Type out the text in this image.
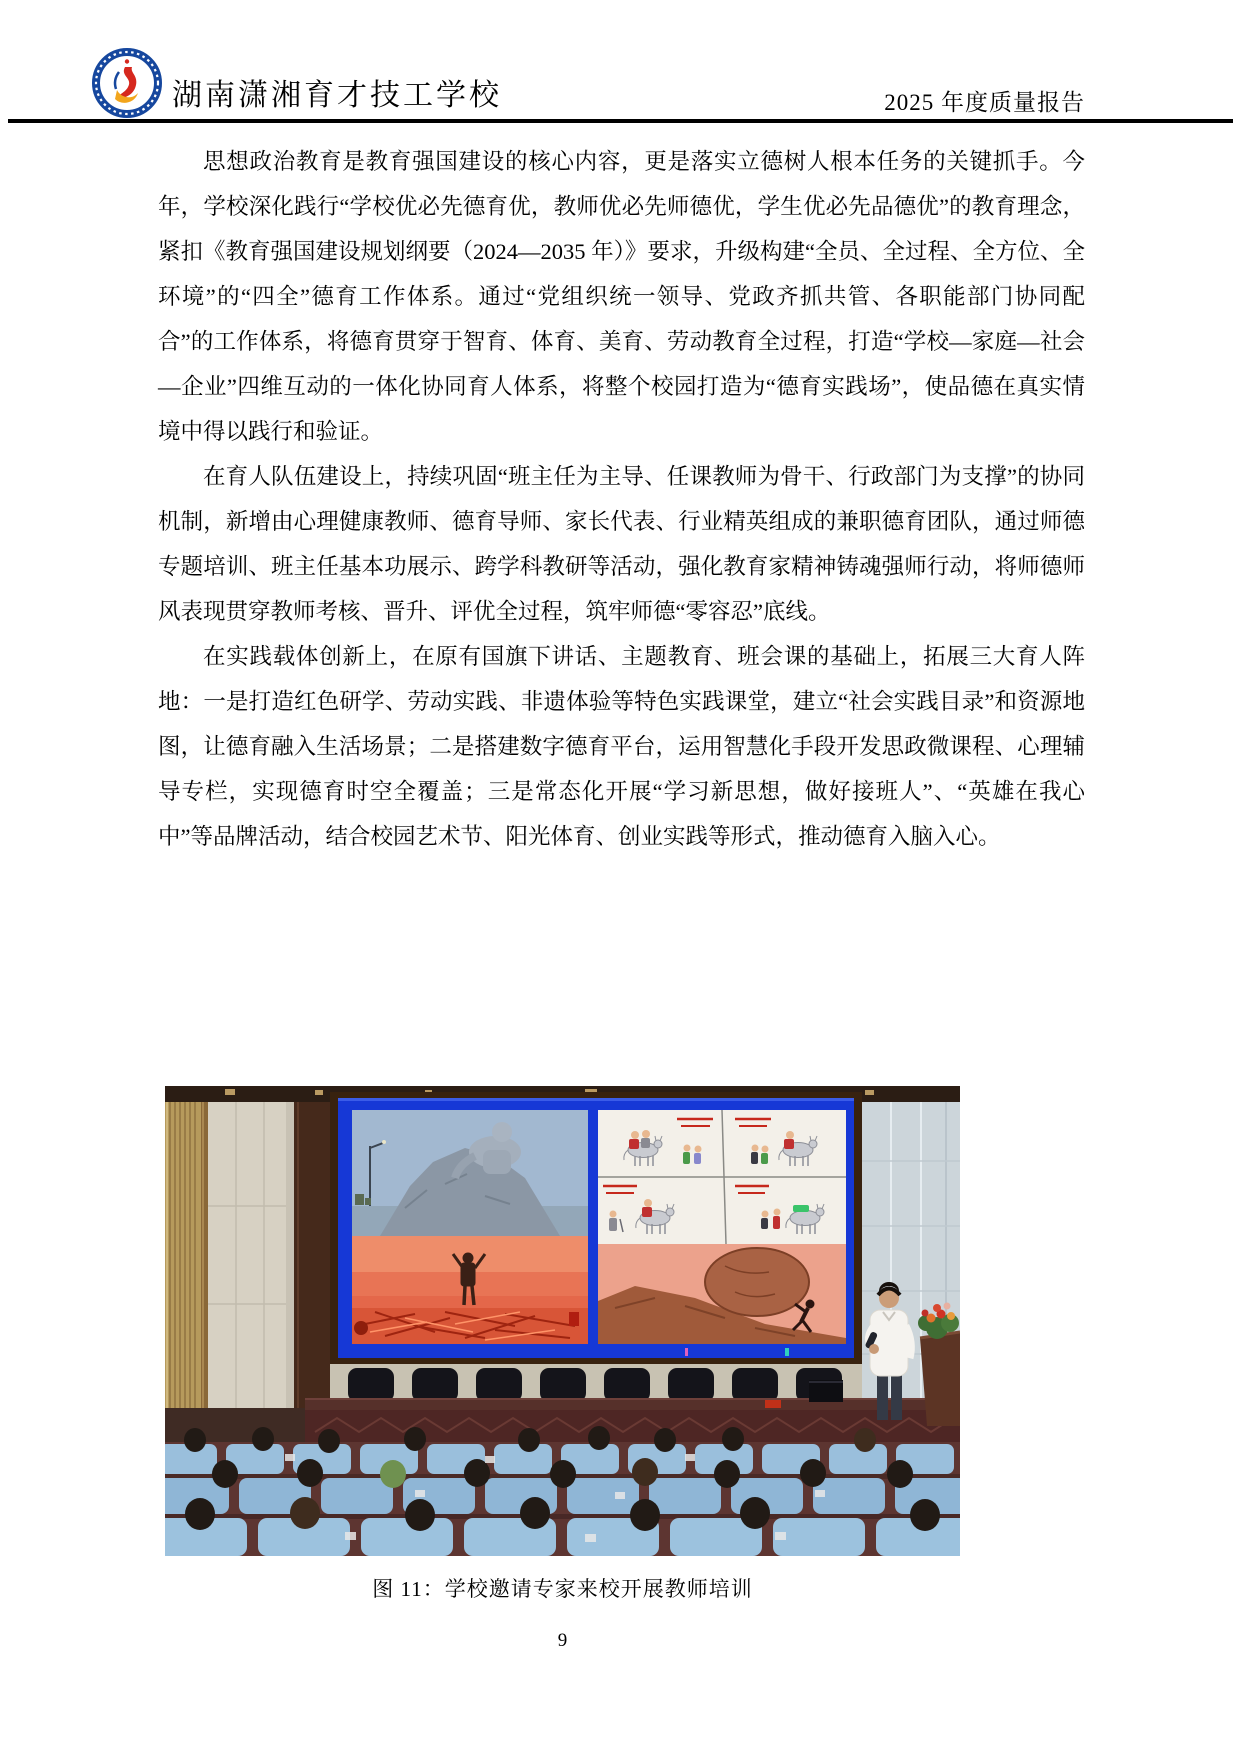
湖南潇湘育才技工学校	2025 年度质量报告

思想政治教育是教育强国建设的核心内容，更是落实立德树人根本任务的关键抓手。今年，学校深化践行“学校优必先德育优，教师优必先师德优，学生优必先品德优”的教育理念，紧扣《教育强国建设规划纲要（2024—2035 年）》要求，升级构建“全员、全过程、全方位、全环境”的“四全”德育工作体系。通过“党组织统一领导、党政齐抓共管、各职能部门协同配合”的工作体系，将德育贯穿于智育、体育、美育、劳动教育全过程，打造“学校—家庭—社会—企业”四维互动的一体化协同育人体系，将整个校园打造为“德育实践场”，使品德在真实情境中得以践行和验证。

在育人队伍建设上，持续巩固“班主任为主导、任课教师为骨干、行政部门为支撑”的协同机制，新增由心理健康教师、德育导师、家长代表、行业精英组成的兼职德育团队，通过师德专题培训、班主任基本功展示、跨学科教研等活动，强化教育家精神铸魂强师行动，将师德师风表现贯穿教师考核、晋升、评优全过程，筑牢师德“零容忍”底线。

在实践载体创新上，在原有国旗下讲话、主题教育、班会课的基础上，拓展三大育人阵地：一是打造红色研学、劳动实践、非遗体验等特色实践课堂，建立“社会实践目录”和资源地图，让德育融入生活场景；二是搭建数字德育平台，运用智慧化手段开发思政微课程、心理辅导专栏，实现德育时空全覆盖；三是常态化开展“学习新思想，做好接班人”、“英雄在我心中”等品牌活动，结合校园艺术节、阳光体育、创业实践等形式，推动德育入脑入心。

图 11：学校邀请专家来校开展教师培训
9
